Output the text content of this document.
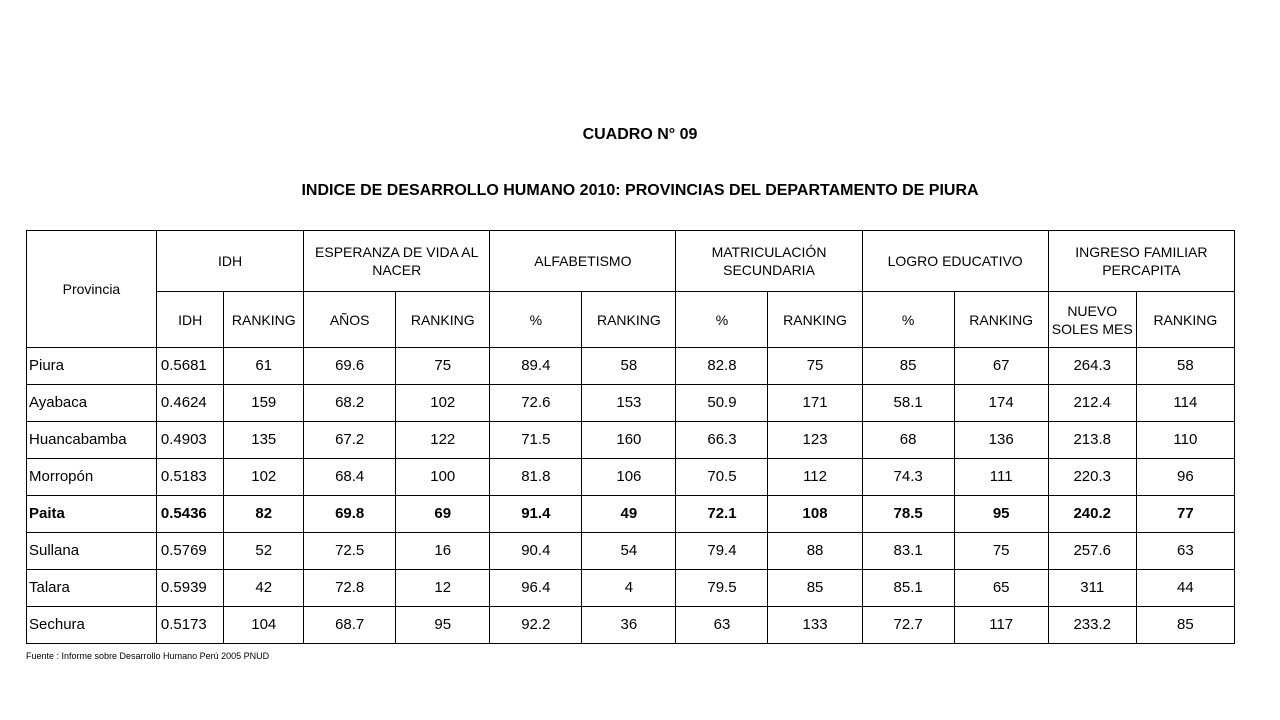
CUADRO N° 09
INDICE DE DESARROLLO HUMANO 2010: PROVINCIAS DEL DEPARTAMENTO DE PIURA
Provincia	IDH		ESPERANZA DE VIDA AL NACER		ALFABETISMO		MATRICULACIÓN SECUNDARIA		LOGRO EDUCATIVO		INGRESO FAMILIAR PERCAPITA	
	IDH	RANKING	AÑOS	RANKING	%	RANKING	%	RANKING	%	RANKING	NUEVO SOLES MES	RANKING
Piura	0.5681	61	69.6	75	89.4	58	82.8	75	85	67	264.3	58
Ayabaca	0.4624	159	68.2	102	72.6	153	50.9	171	58.1	174	212.4	114
Huancabamba	0.4903	135	67.2	122	71.5	160	66.3	123	68	136	213.8	110
Morropón	0.5183	102	68.4	100	81.8	106	70.5	112	74.3	111	220.3	96
Paita	0.5436	82	69.8	69	91.4	49	72.1	108	78.5	95	240.2	77
Sullana	0.5769	52	72.5	16	90.4	54	79.4	88	83.1	75	257.6	63
Talara	0.5939	42	72.8	12	96.4	4	79.5	85	85.1	65	311	44
Sechura	0.5173	104	68.7	95	92.2	36	63	133	72.7	117	233.2	85
Fuente : Informe sobre Desarrollo Humano Perú 2005 PNUD
